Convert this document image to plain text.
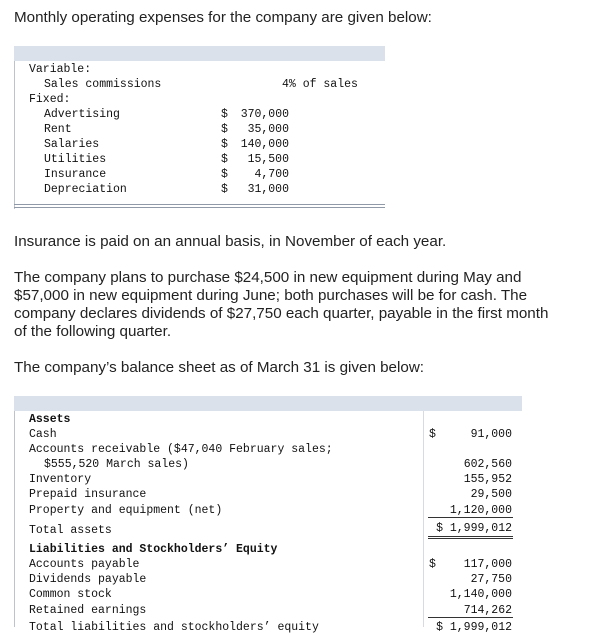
Monthly operating expenses for the company are given below:

Variable:
Sales commissions	4% of sales
Fixed:
Advertising	$ 370,000
Rent	$ 35,000
Salaries	$ 140,000
Utilities	$ 15,500
Insurance	$ 4,700
Depreciation	$ 31,000

Insurance is paid on an annual basis, in November of each year.

The company plans to purchase $24,500 in new equipment during May and $57,000 in new equipment during June; both purchases will be for cash. The company declares dividends of $27,750 each quarter, payable in the first month of the following quarter.

The company’s balance sheet as of March 31 is given below:

Assets
Cash	$	91,000
Accounts receivable ($47,040 February sales;
$555,520 March sales)	602,560
Inventory	155,952
Prepaid insurance	29,500
Property and equipment (net)	1,120,000
Total assets	$ 1,999,012
Liabilities and Stockholders’ Equity
Accounts payable	$ 117,000
Dividends payable	27,750
Common stock	1,140,000
Retained earnings	714,262
Total liabilities and stockholders’ equity	$ 1,999,012
